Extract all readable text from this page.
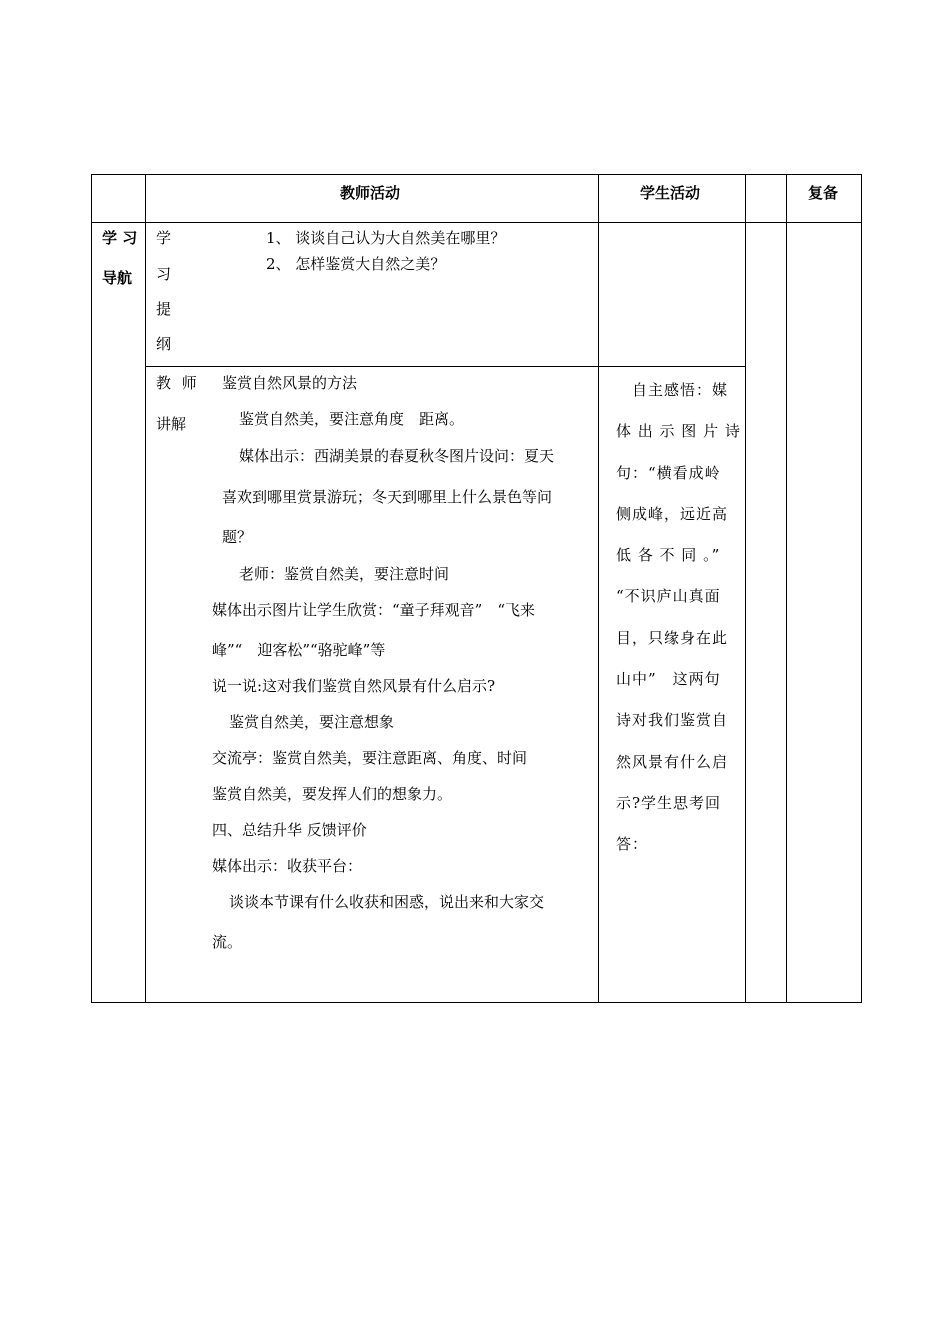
教师活动	学生活动	复备
学 习
导航
学
习
提
纲
1、 谈谈自己认为大自然美在哪里？
2、 怎样鉴赏大自然之美？
教 师
讲解
鉴赏自然风景的方法
鉴赏自然美，要注意角度　距离。
媒体出示：西湖美景的春夏秋冬图片设问：夏天
喜欢到哪里赏景游玩；冬天到哪里上什么景色等问
题？
老师：鉴赏自然美，要注意时间
媒体出示图片让学生欣赏：“童子拜观音”　“飞来
峰”“　迎客松”“骆驼峰”等
说一说:这对我们鉴赏自然风景有什么启示?
鉴赏自然美，要注意想象
交流亭：鉴赏自然美，要注意距离、角度、时间
鉴赏自然美，要发挥人们的想象力。
四、总结升华 反馈评价
媒体出示：收获平台：
谈谈本节课有什么收获和困惑，说出来和大家交
流。
　自主感悟：媒
体 出 示 图 片 诗
句：“横看成岭
侧成峰，远近高
低 各 不 同 。”
“不识庐山真面
目，只缘身在此
山中”　这两句
诗对我们鉴赏自
然风景有什么启
示?学生思考回
答：
